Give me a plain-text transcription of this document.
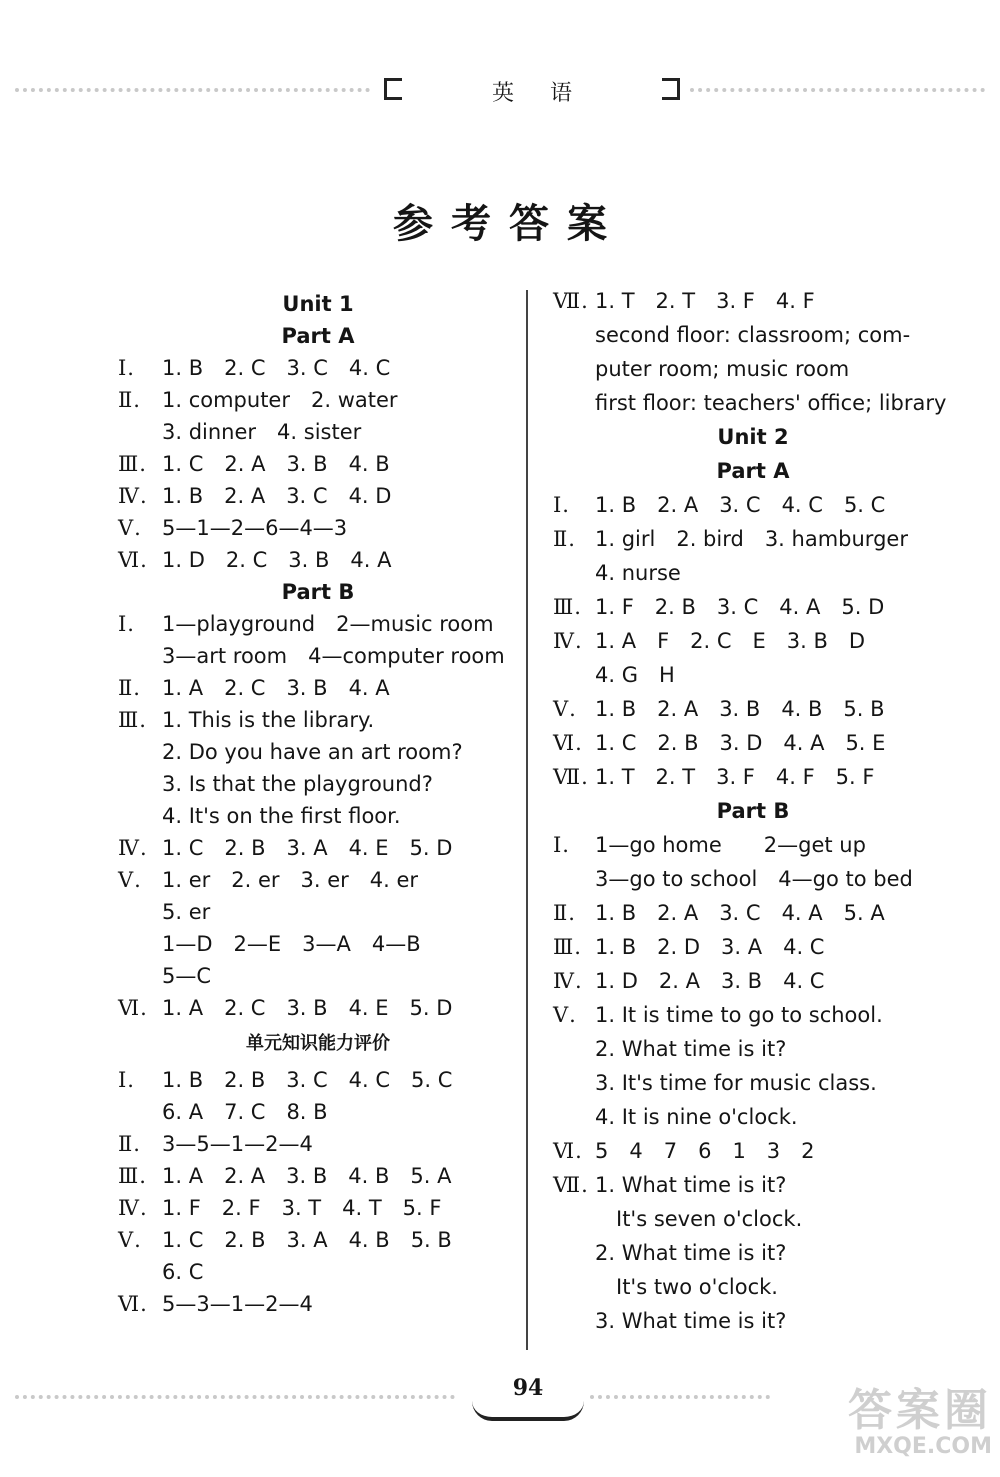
英语
参考答案
Unit 1
Part A
Ⅰ. 1. B　2. C　3. C　4. C
Ⅱ. 1. computer　2. water
3. dinner　4. sister
Ⅲ. 1. C　2. A　3. B　4. B
Ⅳ. 1. B　2. A　3. C　4. D
Ⅴ. 5—1—2—6—4—3
Ⅵ. 1. D　2. C　3. B　4. A
Part B
Ⅰ. 1—playground　2—music room
3—art room　4—computer room
Ⅱ. 1. A　2. C　3. B　4. A
Ⅲ. 1. This is the library.
2. Do you have an art room?
3. Is that the playground?
4. It's on the first floor.
Ⅳ. 1. C　2. B　3. A　4. E　5. D
Ⅴ. 1. er　2. er　3. er　4. er
5. er
1—D　2—E　3—A　4—B
5—C
Ⅵ. 1. A　2. C　3. B　4. E　5. D
单元知识能力评价
Ⅰ. 1. B　2. B　3. C　4. C　5. C
6. A　7. C　8. B
Ⅱ. 3—5—1—2—4
Ⅲ. 1. A　2. A　3. B　4. B　5. A
Ⅳ. 1. F　2. F　3. T　4. T　5. F
Ⅴ. 1. C　2. B　3. A　4. B　5. B
6. C
Ⅵ. 5—3—1—2—4
Ⅶ. 1. T　2. T　3. F　4. F
second floor: classroom; com-
puter room; music room
first floor: teachers' office; library
Unit 2
Part A
Ⅰ. 1. B　2. A　3. C　4. C　5. C
Ⅱ. 1. girl　2. bird　3. hamburger
4. nurse
Ⅲ. 1. F　2. B　3. C　4. A　5. D
Ⅳ. 1. A　F　2. C　E　3. B　D
4. G　H
Ⅴ. 1. B　2. A　3. B　4. B　5. B
Ⅵ. 1. C　2. B　3. D　4. A　5. E
Ⅶ. 1. T　2. T　3. F　4. F　5. F
Part B
Ⅰ. 1—go home　　2—get up
3—go to school　4—go to bed
Ⅱ. 1. B　2. A　3. C　4. A　5. A
Ⅲ. 1. B　2. D　3. A　4. C
Ⅳ. 1. D　2. A　3. B　4. C
Ⅴ. 1. It is time to go to school.
2. What time is it?
3. It's time for music class.
4. It is nine o'clock.
Ⅵ. 5　4　7　6　1　3　2
Ⅶ. 1. What time is it?
　It's seven o'clock.
2. What time is it?
　It's two o'clock.
3. What time is it?
94	答案圈
MXQE.COM
